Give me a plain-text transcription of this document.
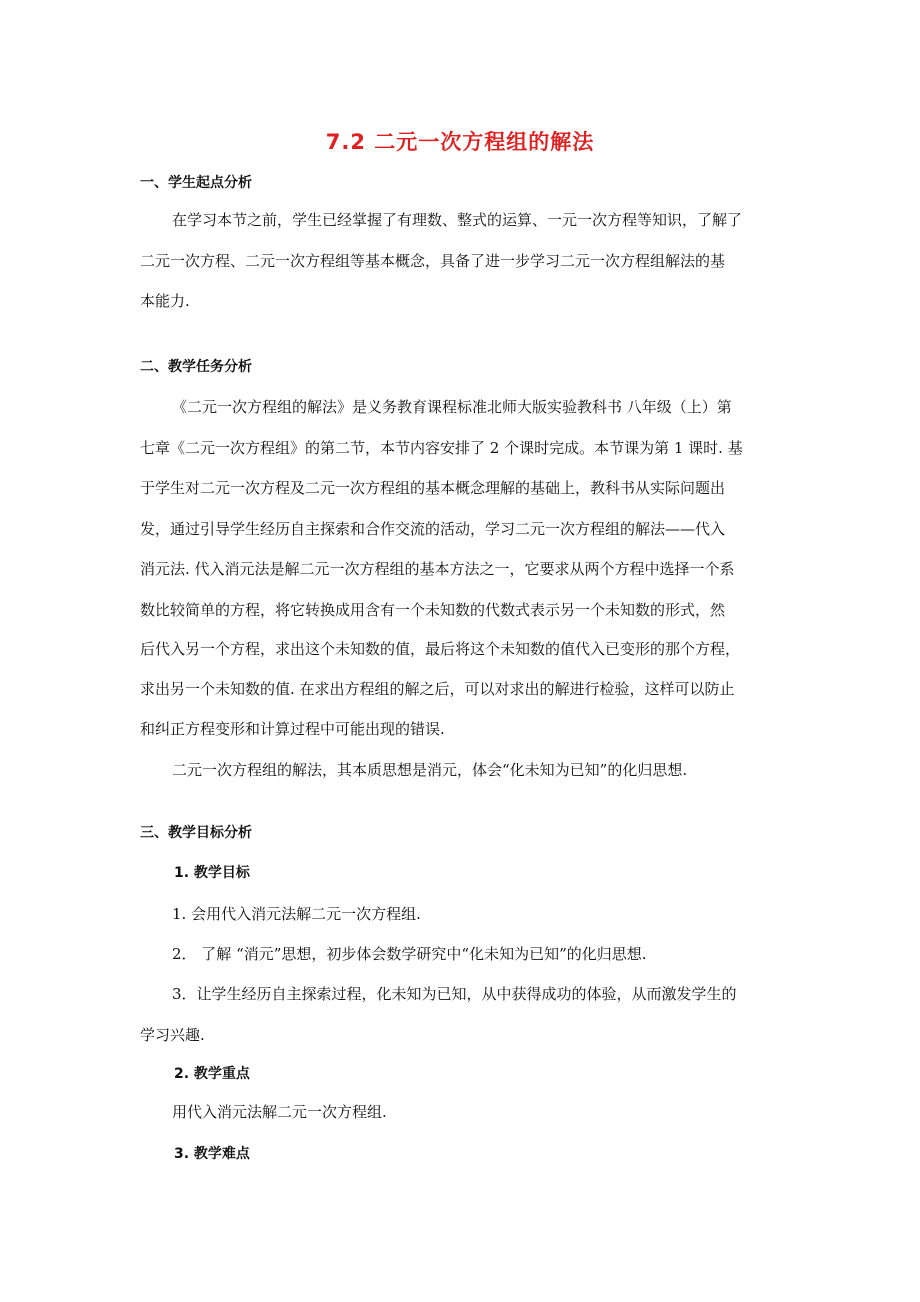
7.2 二元一次方程组的解法
一、学生起点分析
在学习本节之前，学生已经掌握了有理数、整式的运算、一元一次方程等知识，了解了
二元一次方程、二元一次方程组等基本概念，具备了进一步学习二元一次方程组解法的基
本能力.
二、教学任务分析
《二元一次方程组的解法》是义务教育课程标准北师大版实验教科书 八年级（上）第
七章《二元一次方程组》的第二节，本节内容安排了 2 个课时完成。本节课为第 1 课时. 基
于学生对二元一次方程及二元一次方程组的基本概念理解的基础上，教科书从实际问题出
发，通过引导学生经历自主探索和合作交流的活动，学习二元一次方程组的解法——代入
消元法. 代入消元法是解二元一次方程组的基本方法之一，它要求从两个方程中选择一个系
数比较简单的方程，将它转换成用含有一个未知数的代数式表示另一个未知数的形式，然
后代入另一个方程，求出这个未知数的值，最后将这个未知数的值代入已变形的那个方程，
求出另一个未知数的值. 在求出方程组的解之后，可以对求出的解进行检验，这样可以防止
和纠正方程变形和计算过程中可能出现的错误.
二元一次方程组的解法，其本质思想是消元，体会“化未知为已知”的化归思想.
三、教学目标分析
1. 教学目标
1. 会用代入消元法解二元一次方程组.
2． 了解 “消元”思想，初步体会数学研究中“化未知为已知”的化归思想.
3．让学生经历自主探索过程，化未知为已知，从中获得成功的体验，从而激发学生的
学习兴趣.
2. 教学重点
用代入消元法解二元一次方程组.
3. 教学难点
